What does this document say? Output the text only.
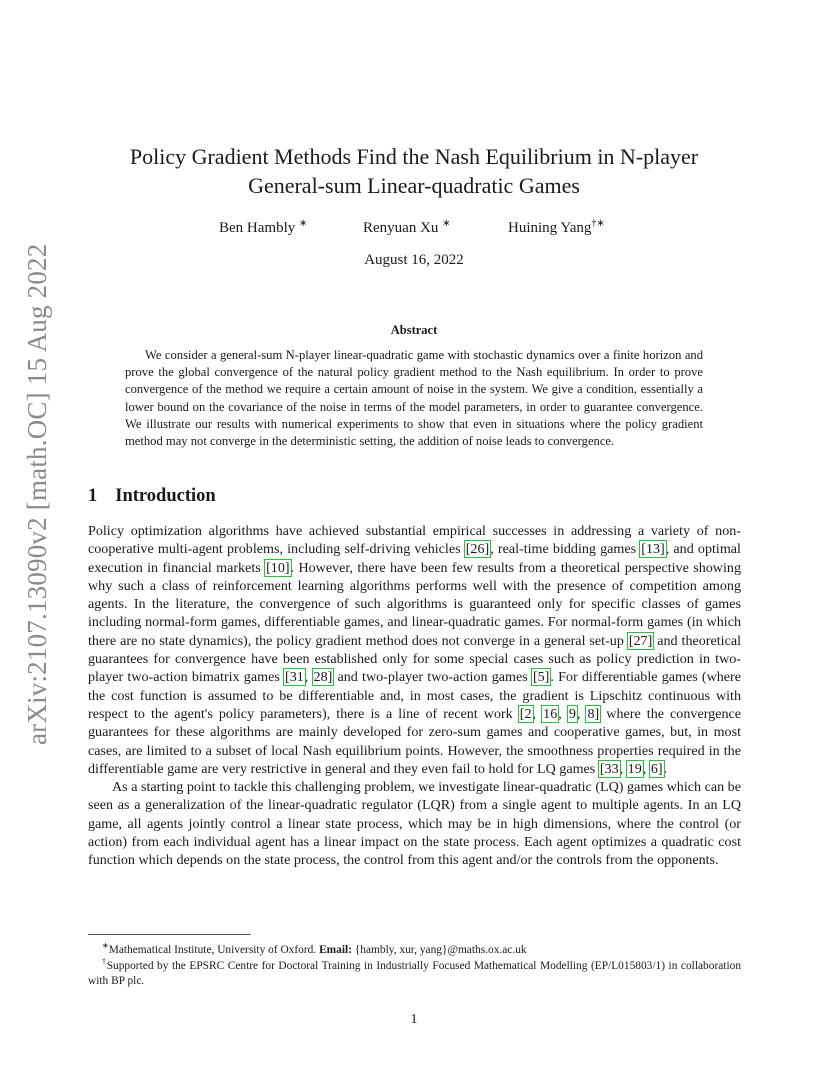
arXiv:2107.13090v2 [math.OC] 15 Aug 2022
Policy Gradient Methods Find the Nash Equilibrium in N-player
General-sum Linear-quadratic Games
Ben Hambly ∗	Renyuan Xu ∗	Huining Yang†∗
August 16, 2022
Abstract
We consider a general-sum N-player linear-quadratic game with stochastic dynamics over a finite horizon and prove the global convergence of the natural policy gradient method to the Nash equilibrium. In order to prove convergence of the method we require a certain amount of noise in the system. We give a condition, essentially a lower bound on the covariance of the noise in terms of the model parameters, in order to guarantee convergence. We illustrate our results with numerical experiments to show that even in situations where the policy gradient method may not converge in the deterministic setting, the addition of noise leads to convergence.
1 Introduction

Policy optimization algorithms have achieved substantial empirical successes in addressing a variety of non-cooperative multi-agent problems, including self-driving vehicles [26], real-time bidding games [13], and optimal execution in financial markets [10]. However, there have been few results from a theoretical perspective showing why such a class of reinforcement learning algorithms performs well with the presence of competition among agents. In the literature, the convergence of such algorithms is guaranteed only for specific classes of games including normal-form games, differentiable games, and linear-quadratic games. For normal-form games (in which there are no state dynamics), the policy gradient method does not converge in a general set-up [27] and theoretical guarantees for convergence have been established only for some special cases such as policy prediction in two-player two-action bimatrix games [31, 28] and two-player two-action games [5]. For differentiable games (where the cost function is assumed to be differentiable and, in most cases, the gradient is Lipschitz continuous with respect to the agent's policy parameters), there is a line of recent work [2, 16, 9, 8] where the convergence guarantees for these algorithms are mainly developed for zero-sum games and cooperative games, but, in most cases, are limited to a subset of local Nash equilibrium points. However, the smoothness properties required in the differentiable game are very restrictive in general and they even fail to hold for LQ games [33, 19, 6].

As a starting point to tackle this challenging problem, we investigate linear-quadratic (LQ) games which can be seen as a generalization of the linear-quadratic regulator (LQR) from a single agent to multiple agents. In an LQ game, all agents jointly control a linear state process, which may be in high dimensions, where the control (or action) from each individual agent has a linear impact on the state process. Each agent optimizes a quadratic cost function which depends on the state process, the control from this agent and/or the controls from the opponents.

∗Mathematical Institute, University of Oxford. Email: {hambly, xur, yang}@maths.ox.ac.uk
†Supported by the EPSRC Centre for Doctoral Training in Industrially Focused Mathematical Modelling (EP/L015803/1) in collaboration with BP plc.
1
